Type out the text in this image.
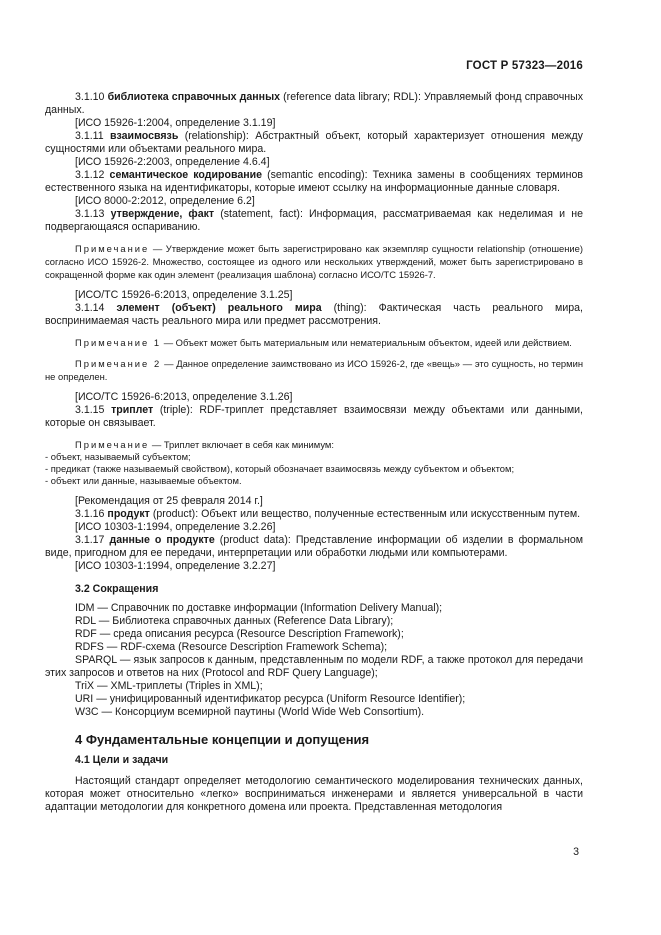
ГОСТ Р 57323—2016

3.1.10 библиотека справочных данных (reference data library; RDL): Управляемый фонд справочных данных.

[ИСО 15926-1:2004, определение 3.1.19]

3.1.11 взаимосвязь (relationship): Абстрактный объект, который характеризует отношения между сущностями или объектами реального мира.

[ИСО 15926-2:2003, определение 4.6.4]

3.1.12 семантическое кодирование (semantic encoding): Техника замены в сообщениях терминов естественного языка на идентификаторы, которые имеют ссылку на информационные данные словаря.

[ИСО 8000-2:2012, определение 6.2]

3.1.13 утверждение, факт (statement, fact): Информация, рассматриваемая как неделимая и не подвергающаяся оспариванию.

Примечание — Утверждение может быть зарегистрировано как экземпляр сущности relationship (отношение) согласно ИСО 15926-2. Множество, состоящее из одного или нескольких утверждений, может быть зарегистрировано в сокращенной форме как один элемент (реализация шаблона) согласно ИСО/ТС 15926-7.

[ИСО/ТС 15926-6:2013, определение 3.1.25]

3.1.14 элемент (объект) реального мира (thing): Фактическая часть реального мира, воспринимаемая часть реального мира или предмет рассмотрения.

Примечание 1 — Объект может быть материальным или нематериальным объектом, идеей или действием.

Примечание 2 — Данное определение заимствовано из ИСО 15926-2, где «вещь» — это сущность, но термин не определен.

[ИСО/ТС 15926-6:2013, определение 3.1.26]

3.1.15 триплет (triple): RDF-триплет представляет взаимосвязи между объектами или данными, которые он связывает.

Примечание — Триплет включает в себя как минимум:

- объект, называемый субъектом;
- предикат (также называемый свойством), который обозначает взаимосвязь между субъектом и объектом;
- объект или данные, называемые объектом.

[Рекомендация от 25 февраля 2014 г.]

3.1.16 продукт (product): Объект или вещество, полученные естественным или искусственным путем.

[ИСО 10303-1:1994, определение 3.2.26]

3.1.17 данные о продукте (product data): Представление информации об изделии в формальном виде, пригодном для ее передачи, интерпретации или обработки людьми или компьютерами.

[ИСО 10303-1:1994, определение 3.2.27]

3.2 Сокращения

IDM — Справочник по доставке информации (Information Delivery Manual);

RDL — Библиотека справочных данных (Reference Data Library);

RDF — среда описания ресурса (Resource Description Framework);

RDFS — RDF-схема (Resource Description Framework Schema);

SPARQL — язык запросов к данным, представленным по модели RDF, а также протокол для передачи этих запросов и ответов на них (Protocol and RDF Query Language);

TriX — XML-триплеты (Triples in XML);

URI — унифицированный идентификатор ресурса (Uniform Resource Identifier);

W3C — Консорциум всемирной паутины (World Wide Web Consortium).

4 Фундаментальные концепции и допущения

4.1 Цели и задачи

Настоящий стандарт определяет методологию семантического моделирования технических данных, которая может относительно «легко» восприниматься инженерами и является универсальной в части адаптации методологии для конкретного домена или проекта. Представленная методология

3
